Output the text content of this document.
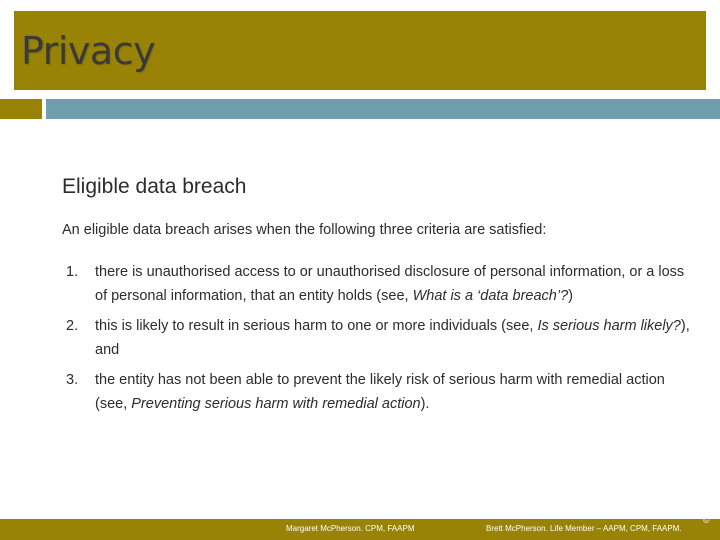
Privacy
Eligible data breach
An eligible data breach arises when the following three criteria are satisfied:
1. there is unauthorised access to or unauthorised disclosure of personal information, or a loss of personal information, that an entity holds (see, What is a ‘data breach’?)
2. this is likely to result in serious harm to one or more individuals (see, Is serious harm likely?), and
3. the entity has not been able to prevent the likely risk of serious harm with remedial action (see, Preventing serious harm with remedial action).
Margaret McPherson. CPM, FAAPM	Brett McPherson. Life Member – AAPM, CPM, FAAPM.
©
